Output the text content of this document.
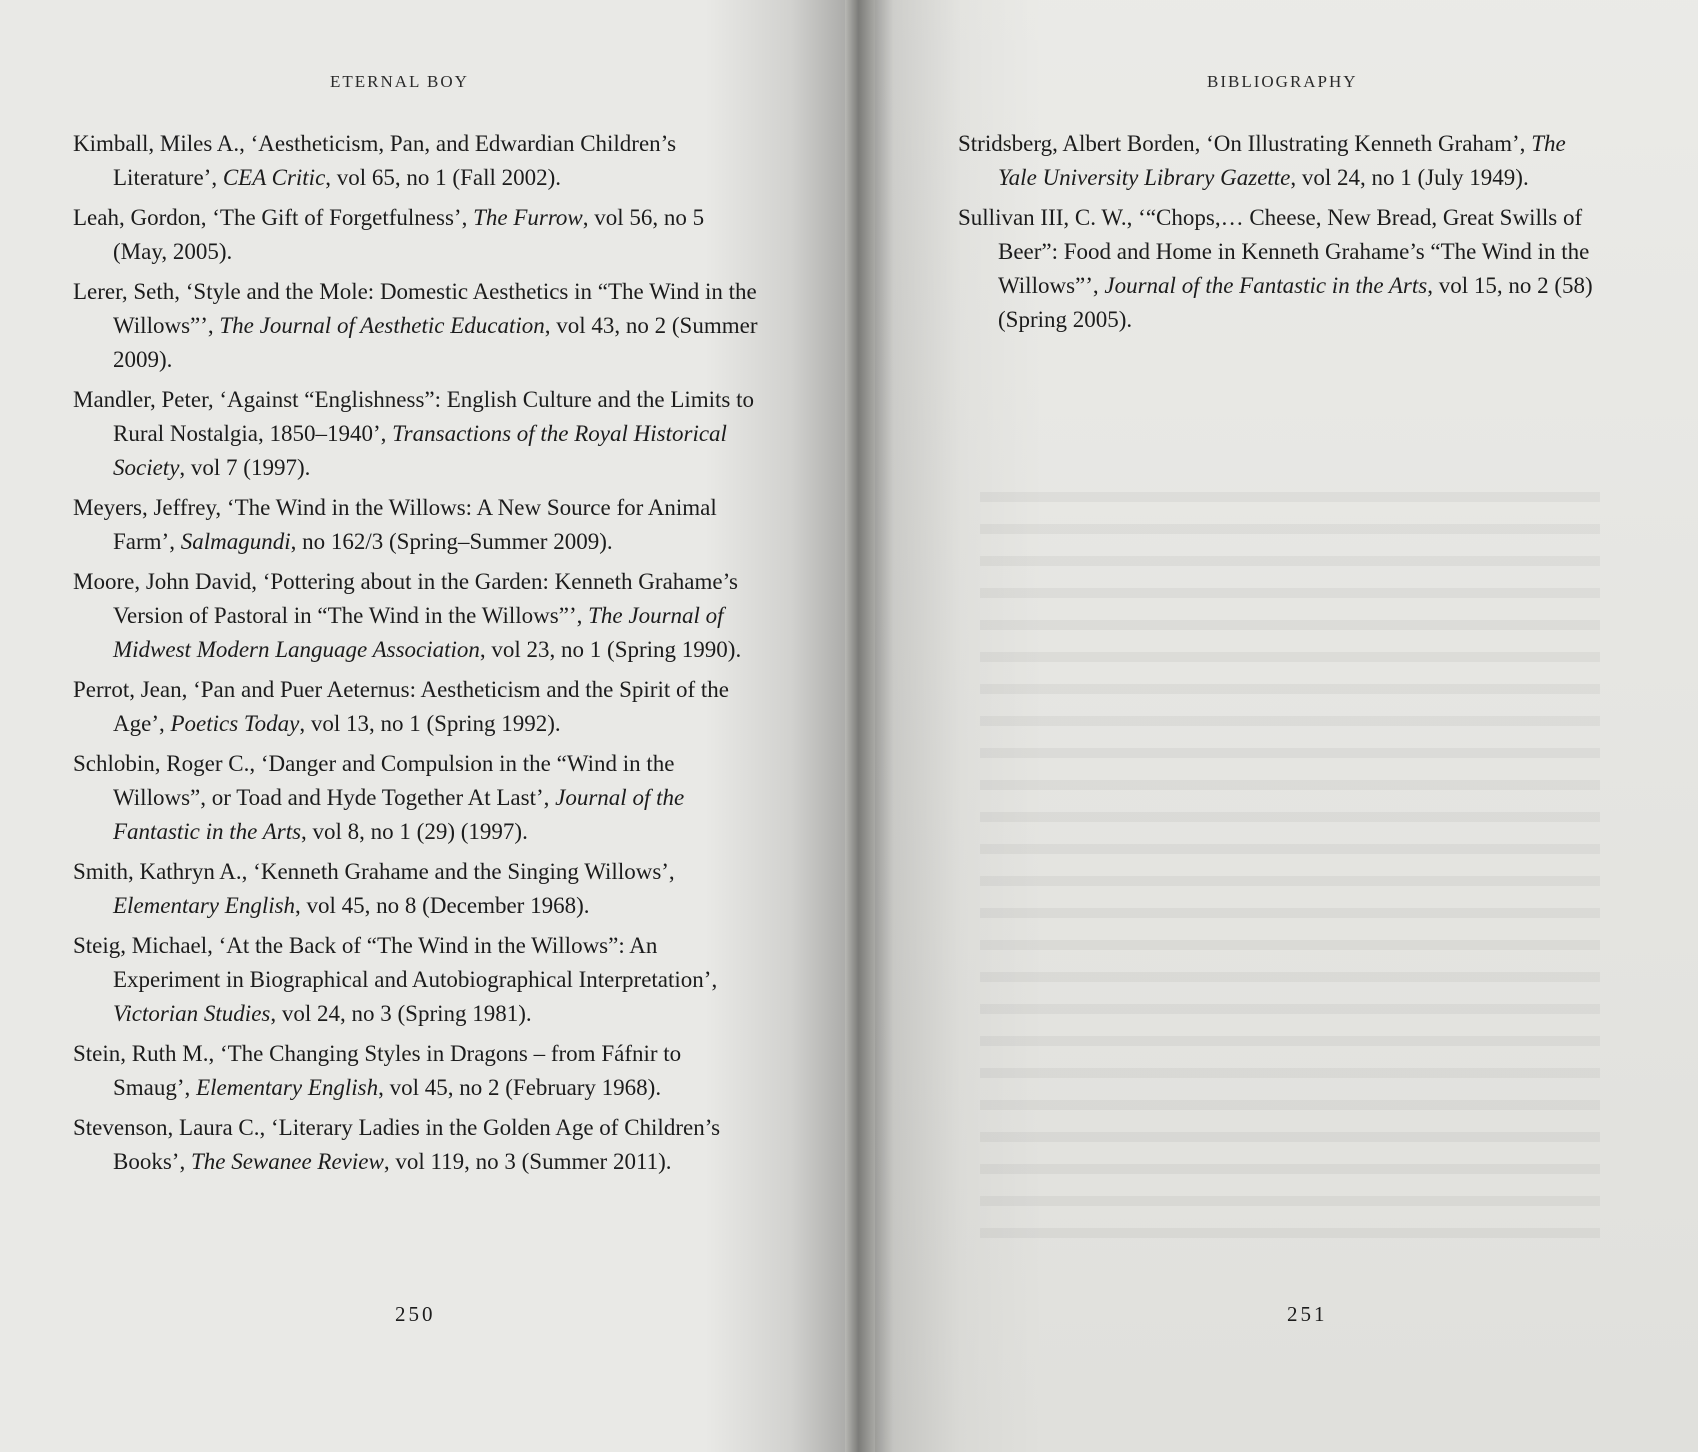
ETERNAL BOY
Kimball, Miles A., ‘Aestheticism, Pan, and Edwardian Children’s Literature’, CEA Critic, vol 65, no 1 (Fall 2002).
Leah, Gordon, ‘The Gift of Forgetfulness’, The Furrow, vol 56, no 5 (May, 2005).
Lerer, Seth, ‘Style and the Mole: Domestic Aesthetics in “The Wind in the Willows”’, The Journal of Aesthetic Education, vol 43, no 2 (Summer 2009).
Mandler, Peter, ‘Against “Englishness”: English Culture and the Limits to Rural Nostalgia, 1850–1940’, Transactions of the Royal Historical Society, vol 7 (1997).
Meyers, Jeffrey, ‘The Wind in the Willows: A New Source for Animal Farm’, Salmagundi, no 162/3 (Spring–Summer 2009).
Moore, John David, ‘Pottering about in the Garden: Kenneth Grahame’s Version of Pastoral in “The Wind in the Willows”’, The Journal of Midwest Modern Language Association, vol 23, no 1 (Spring 1990).
Perrot, Jean, ‘Pan and Puer Aeternus: Aestheticism and the Spirit of the Age’, Poetics Today, vol 13, no 1 (Spring 1992).
Schlobin, Roger C., ‘Danger and Compulsion in the “Wind in the Willows”, or Toad and Hyde Together At Last’, Journal of the Fantastic in the Arts, vol 8, no 1 (29) (1997).
Smith, Kathryn A., ‘Kenneth Grahame and the Singing Willows’, Elementary English, vol 45, no 8 (December 1968).
Steig, Michael, ‘At the Back of “The Wind in the Willows”: An Experiment in Biographical and Autobiographical Interpretation’, Victorian Studies, vol 24, no 3 (Spring 1981).
Stein, Ruth M., ‘The Changing Styles in Dragons – from Fáfnir to Smaug’, Elementary English, vol 45, no 2 (February 1968).
Stevenson, Laura C., ‘Literary Ladies in the Golden Age of Children’s Books’, The Sewanee Review, vol 119, no 3 (Summer 2011).
250
BIBLIOGRAPHY
Stridsberg, Albert Borden, ‘On Illustrating Kenneth Graham’, The Yale University Library Gazette, vol 24, no 1 (July 1949).
Sullivan III, C. W., ‘“Chops,… Cheese, New Bread, Great Swills of Beer”: Food and Home in Kenneth Grahame’s “The Wind in the Willows”’, Journal of the Fantastic in the Arts, vol 15, no 2 (58) (Spring 2005).
251
